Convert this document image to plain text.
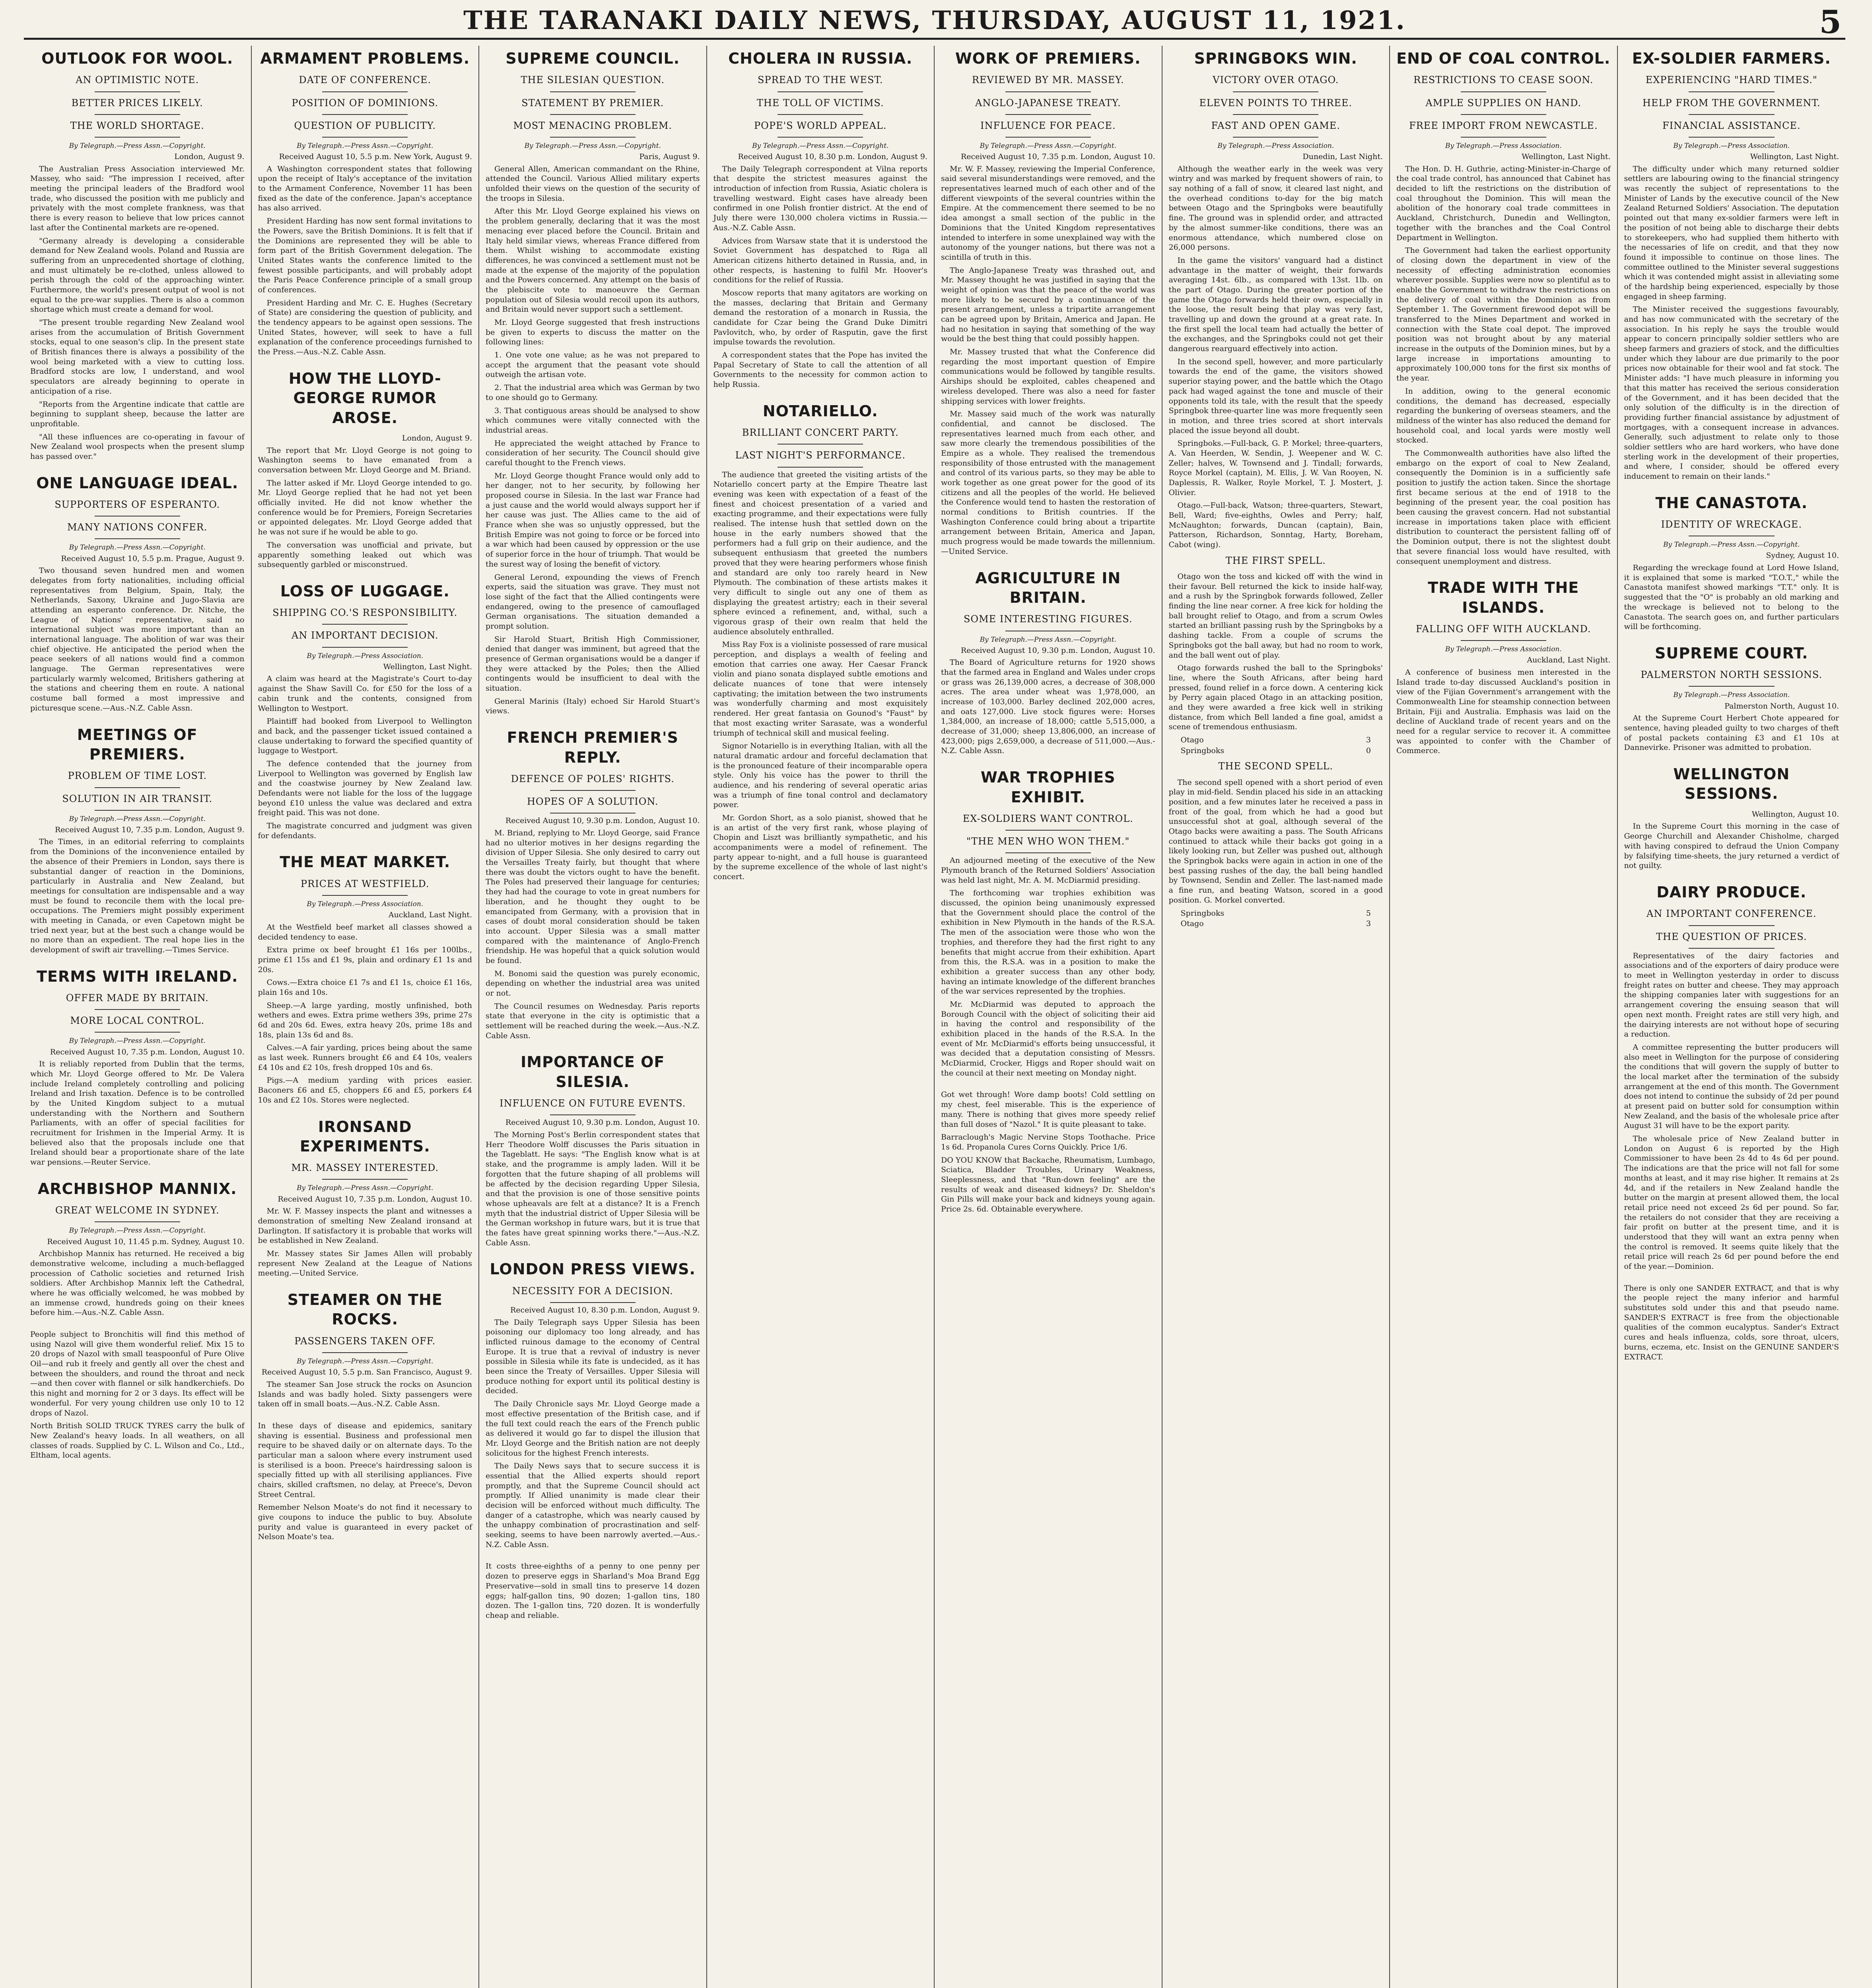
THE TARANAKI DAILY NEWS, THURSDAY, AUGUST 11, 1921.	5
OUTLOOK FOR WOOL.
AN OPTIMISTIC NOTE.
BETTER PRICES LIKELY.
THE WORLD SHORTAGE.
By Telegraph.—Press Assn.—Copyright.
London, August 9.

The Australian Press Association interviewed Mr. Massey, who said: "The impression I received, after meeting the principal leaders of the Bradford wool trade, who discussed the position with me publicly and privately with the most complete frankness, was that there is every reason to believe that low prices cannot last after the Continental markets are re-opened.

"Germany already is developing a considerable demand for New Zealand wools. Poland and Russia are suffering from an unprecedented shortage of clothing, and must ultimately be re-clothed, unless allowed to perish through the cold of the approaching winter. Furthermore, the world's present output of wool is not equal to the pre-war supplies. There is also a common shortage which must create a demand for wool.

"The present trouble regarding New Zealand wool arises from the accumulation of British Government stocks, equal to one season's clip. In the present state of British finances there is always a possibility of the wool being marketed with a view to cutting loss. Bradford stocks are low, I understand, and wool speculators are already beginning to operate in anticipation of a rise.

"Reports from the Argentine indicate that cattle are beginning to supplant sheep, because the latter are unprofitable.

"All these influences are co-operating in favour of New Zealand wool prospects when the present slump has passed over."

ONE LANGUAGE IDEAL.
SUPPORTERS OF ESPERANTO.
MANY NATIONS CONFER.
By Telegraph.—Press Assn.—Copyright.
Received August 10, 5.5 p.m. Prague, August 9.

Two thousand seven hundred men and women delegates from forty nationalities, including official representatives from Belgium, Spain, Italy, the Netherlands, Saxony, Ukraine and Jugo-Slavia are attending an esperanto conference. Dr. Nitche, the League of Nations' representative, said no international subject was more important than an international language. The abolition of war was their chief objective. He anticipated the period when the peace seekers of all nations would find a common language. The German representatives were particularly warmly welcomed, Britishers gathering at the stations and cheering them en route. A national costume ball formed a most impressive and picturesque scene.—Aus.-N.Z. Cable Assn.

MEETINGS OF PREMIERS.
PROBLEM OF TIME LOST.
SOLUTION IN AIR TRANSIT.
By Telegraph.—Press Assn.—Copyright.
Received August 10, 7.35 p.m. London, August 9.

The Times, in an editorial referring to complaints from the Dominions of the inconvenience entailed by the absence of their Premiers in London, says there is substantial danger of reaction in the Dominions, particularly in Australia and New Zealand, but meetings for consultation are indispensable and a way must be found to reconcile them with the local pre-occupations. The Premiers might possibly experiment with meeting in Canada, or even Capetown might be tried next year, but at the best such a change would be no more than an expedient. The real hope lies in the development of swift air travelling.—Times Service.

TERMS WITH IRELAND.
OFFER MADE BY BRITAIN.
MORE LOCAL CONTROL.
By Telegraph.—Press Assn.—Copyright.
Received August 10, 7.35 p.m. London, August 10.

It is reliably reported from Dublin that the terms, which Mr. Lloyd George offered to Mr. De Valera include Ireland completely controlling and policing Ireland and Irish taxation. Defence is to be controlled by the United Kingdom subject to a mutual understanding with the Northern and Southern Parliaments, with an offer of special facilities for recruitment for Irishmen in the Imperial Army. It is believed also that the proposals include one that Ireland should bear a proportionate share of the late war pensions.—Reuter Service.

ARCHBISHOP MANNIX.
GREAT WELCOME IN SYDNEY.
By Telegraph.—Press Assn.—Copyright.
Received August 10, 11.45 p.m. Sydney, August 10.

Archbishop Mannix has returned. He received a big demonstrative welcome, including a much-beflagged procession of Catholic societies and returned Irish soldiers. After Archbishop Mannix left the Cathedral, where he was officially welcomed, he was mobbed by an immense crowd, hundreds going on their knees before him.—Aus.-N.Z. Cable Assn.

People subject to Bronchitis will find this method of using Nazol will give them wonderful relief. Mix 15 to 20 drops of Nazol with small teaspoonful of Pure Olive Oil—and rub it freely and gently all over the chest and between the shoulders, and round the throat and neck—and then cover with flannel or silk handkerchiefs. Do this night and morning for 2 or 3 days. Its effect will be wonderful. For very young children use only 10 to 12 drops of Nazol.

North British SOLID TRUCK TYRES carry the bulk of New Zealand's heavy loads. In all weathers, on all classes of roads. Supplied by C. L. Wilson and Co., Ltd., Eltham, local agents.

ARMAMENT PROBLEMS.
DATE OF CONFERENCE.
POSITION OF DOMINIONS.
QUESTION OF PUBLICITY.
By Telegraph.—Press Assn.—Copyright.
Received August 10, 5.5 p.m. New York, August 9.

A Washington correspondent states that following upon the receipt of Italy's acceptance of the invitation to the Armament Conference, November 11 has been fixed as the date of the conference. Japan's acceptance has also arrived.

President Harding has now sent formal invitations to the Powers, save the British Dominions. It is felt that if the Dominions are represented they will be able to form part of the British Government delegation. The United States wants the conference limited to the fewest possible participants, and will probably adopt the Paris Peace Conference principle of a small group of conferences.

President Harding and Mr. C. E. Hughes (Secretary of State) are considering the question of publicity, and the tendency appears to be against open sessions. The United States, however, will seek to have a full explanation of the conference proceedings furnished to the Press.—Aus.-N.Z. Cable Assn.

HOW THE LLOYD-GEORGE RUMOR AROSE.
London, August 9.

The report that Mr. Lloyd George is not going to Washington seems to have emanated from a conversation between Mr. Lloyd George and M. Briand.

The latter asked if Mr. Lloyd George intended to go. Mr. Lloyd George replied that he had not yet been officially invited. He did not know whether the conference would be for Premiers, Foreign Secretaries or appointed delegates. Mr. Lloyd George added that he was not sure if he would be able to go.

The conversation was unofficial and private, but apparently something leaked out which was subsequently garbled or misconstrued.

LOSS OF LUGGAGE.
SHIPPING CO.'S RESPONSIBILITY.
AN IMPORTANT DECISION.
By Telegraph.—Press Association.
Wellington, Last Night.

A claim was heard at the Magistrate's Court to-day against the Shaw Savill Co. for £50 for the loss of a cabin trunk and the contents, consigned from Wellington to Westport.

Plaintiff had booked from Liverpool to Wellington and back, and the passenger ticket issued contained a clause undertaking to forward the specified quantity of luggage to Westport.

The defence contended that the journey from Liverpool to Wellington was governed by English law and the coastwise journey by New Zealand law. Defendants were not liable for the loss of the luggage beyond £10 unless the value was declared and extra freight paid. This was not done.

The magistrate concurred and judgment was given for defendants.

THE MEAT MARKET.
PRICES AT WESTFIELD.
By Telegraph.—Press Association.
Auckland, Last Night.

At the Westfield beef market all classes showed a decided tendency to ease.

Extra prime ox beef brought £1 16s per 100lbs., prime £1 15s and £1 9s, plain and ordinary £1 1s and 20s.

Cows.—Extra choice £1 7s and £1 1s, choice £1 16s, plain 16s and 10s.

Sheep.—A large yarding, mostly unfinished, both wethers and ewes. Extra prime wethers 39s, prime 27s 6d and 20s 6d. Ewes, extra heavy 20s, prime 18s and 18s, plain 13s 6d and 8s.

Calves.—A fair yarding, prices being about the same as last week. Runners brought £6 and £4 10s, vealers £4 10s and £2 10s, fresh dropped 10s and 6s.

Pigs.—A medium yarding with prices easier. Baconers £6 and £5, choppers £6 and £5, porkers £4 10s and £2 10s. Stores were neglected.

IRONSAND EXPERIMENTS.
MR. MASSEY INTERESTED.
By Telegraph.—Press Assn.—Copyright.
Received August 10, 7.35 p.m. London, August 10.

Mr. W. F. Massey inspects the plant and witnesses a demonstration of smelting New Zealand ironsand at Darlington. If satisfactory it is probable that works will be established in New Zealand.

Mr. Massey states Sir James Allen will probably represent New Zealand at the League of Nations meeting.—United Service.

STEAMER ON THE ROCKS.
PASSENGERS TAKEN OFF.
By Telegraph.—Press Assn.—Copyright.
Received August 10, 5.5 p.m. San Francisco, August 9.

The steamer San Jose struck the rocks on Asuncion Islands and was badly holed. Sixty passengers were taken off in small boats.—Aus.-N.Z. Cable Assn.

In these days of disease and epidemics, sanitary shaving is essential. Business and professional men require to be shaved daily or on alternate days. To the particular man a saloon where every instrument used is sterilised is a boon. Preece's hairdressing saloon is specially fitted up with all sterilising appliances. Five chairs, skilled craftsmen, no delay, at Preece's, Devon Street Central.

Remember Nelson Moate's do not find it necessary to give coupons to induce the public to buy. Absolute purity and value is guaranteed in every packet of Nelson Moate's tea.

SUPREME COUNCIL.
THE SILESIAN QUESTION.
STATEMENT BY PREMIER.
MOST MENACING PROBLEM.
By Telegraph.—Press Assn.—Copyright.
Paris, August 9.

General Allen, American commandant on the Rhine, attended the Council. Various Allied military experts unfolded their views on the question of the security of the troops in Silesia.

After this Mr. Lloyd George explained his views on the problem generally, declaring that it was the most menacing ever placed before the Council. Britain and Italy held similar views, whereas France differed from them. Whilst wishing to accommodate existing differences, he was convinced a settlement must not be made at the expense of the majority of the population and the Powers concerned. Any attempt on the basis of the plebiscite vote to manoeuvre the German population out of Silesia would recoil upon its authors, and Britain would never support such a settlement.

Mr. Lloyd George suggested that fresh instructions be given to experts to discuss the matter on the following lines:

1. One vote one value; as he was not prepared to accept the argument that the peasant vote should outweigh the artisan vote.

2. That the industrial area which was German by two to one should go to Germany.

3. That contiguous areas should be analysed to show which communes were vitally connected with the industrial areas.

He appreciated the weight attached by France to consideration of her security. The Council should give careful thought to the French views.

Mr. Lloyd George thought France would only add to her danger, not to her security, by following her proposed course in Silesia. In the last war France had a just cause and the world would always support her if her cause was just. The Allies came to the aid of France when she was so unjustly oppressed, but the British Empire was not going to force or be forced into a war which had been caused by oppression or the use of superior force in the hour of triumph. That would be the surest way of losing the benefit of victory.

General Lerond, expounding the views of French experts, said the situation was grave. They must not lose sight of the fact that the Allied contingents were endangered, owing to the presence of camouflaged German organisations. The situation demanded a prompt solution.

Sir Harold Stuart, British High Commissioner, denied that danger was imminent, but agreed that the presence of German organisations would be a danger if they were attacked by the Poles; then the Allied contingents would be insufficient to deal with the situation.

General Marinis (Italy) echoed Sir Harold Stuart's views.

FRENCH PREMIER'S REPLY.
DEFENCE OF POLES' RIGHTS.
HOPES OF A SOLUTION.
Received August 10, 9.30 p.m. London, August 10.

M. Briand, replying to Mr. Lloyd George, said France had no ulterior motives in her designs regarding the division of Upper Silesia. She only desired to carry out the Versailles Treaty fairly, but thought that where there was doubt the victors ought to have the benefit. The Poles had preserved their language for centuries; they had had the courage to vote in great numbers for liberation, and he thought they ought to be emancipated from Germany, with a provision that in cases of doubt moral consideration should be taken into account. Upper Silesia was a small matter compared with the maintenance of Anglo-French friendship. He was hopeful that a quick solution would be found.

M. Bonomi said the question was purely economic, depending on whether the industrial area was united or not.

The Council resumes on Wednesday. Paris reports state that everyone in the city is optimistic that a settlement will be reached during the week.—Aus.-N.Z. Cable Assn.

IMPORTANCE OF SILESIA.
INFLUENCE ON FUTURE EVENTS.
Received August 10, 9.30 p.m. London, August 10.

The Morning Post's Berlin correspondent states that Herr Theodore Wolff discusses the Paris situation in the Tageblatt. He says: "The English know what is at stake, and the programme is amply laden. Will it be forgotten that the future shaping of all problems will be affected by the decision regarding Upper Silesia, and that the provision is one of those sensitive points whose upheavals are felt at a distance? It is a French myth that the industrial district of Upper Silesia will be the German workshop in future wars, but it is true that the fates have great spinning works there."—Aus.-N.Z. Cable Assn.

LONDON PRESS VIEWS.
NECESSITY FOR A DECISION.
Received August 10, 8.30 p.m. London, August 9.

The Daily Telegraph says Upper Silesia has been poisoning our diplomacy too long already, and has inflicted ruinous damage to the economy of Central Europe. It is true that a revival of industry is never possible in Silesia while its fate is undecided, as it has been since the Treaty of Versailles. Upper Silesia will produce nothing for export until its political destiny is decided.

The Daily Chronicle says Mr. Lloyd George made a most effective presentation of the British case, and if the full text could reach the ears of the French public as delivered it would go far to dispel the illusion that Mr. Lloyd George and the British nation are not deeply solicitous for the highest French interests.

The Daily News says that to secure success it is essential that the Allied experts should report promptly, and that the Supreme Council should act promptly. If Allied unanimity is made clear their decision will be enforced without much difficulty. The danger of a catastrophe, which was nearly caused by the unhappy combination of procrastination and self-seeking, seems to have been narrowly averted.—Aus.-N.Z. Cable Assn.

It costs three-eighths of a penny to one penny per dozen to preserve eggs in Sharland's Moa Brand Egg Preservative—sold in small tins to preserve 14 dozen eggs; half-gallon tins, 90 dozen; 1-gallon tins, 180 dozen. The 1-gallon tins, 720 dozen. It is wonderfully cheap and reliable.

CHOLERA IN RUSSIA.
SPREAD TO THE WEST.
THE TOLL OF VICTIMS.
POPE'S WORLD APPEAL.
By Telegraph.—Press Assn.—Copyright.
Received August 10, 8.30 p.m. London, August 9.

The Daily Telegraph correspondent at Vilna reports that despite the strictest measures against the introduction of infection from Russia, Asiatic cholera is travelling westward. Eight cases have already been confirmed in one Polish frontier district. At the end of July there were 130,000 cholera victims in Russia.—Aus.-N.Z. Cable Assn.

Advices from Warsaw state that it is understood the Soviet Government has despatched to Riga all American citizens hitherto detained in Russia, and, in other respects, is hastening to fulfil Mr. Hoover's conditions for the relief of Russia.

Moscow reports that many agitators are working on the masses, declaring that Britain and Germany demand the restoration of a monarch in Russia, the candidate for Czar being the Grand Duke Dimitri Pavlovitch, who, by order of Rasputin, gave the first impulse towards the revolution.

A correspondent states that the Pope has invited the Papal Secretary of State to call the attention of all Governments to the necessity for common action to help Russia.

NOTARIELLO.
BRILLIANT CONCERT PARTY.
LAST NIGHT'S PERFORMANCE.

The audience that greeted the visiting artists of the Notariello concert party at the Empire Theatre last evening was keen with expectation of a feast of the finest and choicest presentation of a varied and exacting programme, and their expectations were fully realised. The intense hush that settled down on the house in the early numbers showed that the performers had a full grip on their audience, and the subsequent enthusiasm that greeted the numbers proved that they were hearing performers whose finish and standard are only too rarely heard in New Plymouth. The combination of these artists makes it very difficult to single out any one of them as displaying the greatest artistry; each in their several sphere evinced a refinement, and, withal, such a vigorous grasp of their own realm that held the audience absolutely enthralled.

Miss Ray Fox is a violiniste possessed of rare musical perception, and displays a wealth of feeling and emotion that carries one away. Her Caesar Franck violin and piano sonata displayed subtle emotions and delicate nuances of tone that were intensely captivating; the imitation between the two instruments was wonderfully charming and most exquisitely rendered. Her great fantasia on Gounod's "Faust" by that most exacting writer Sarasate, was a wonderful triumph of technical skill and musical feeling.

Signor Notariello is in everything Italian, with all the natural dramatic ardour and forceful declamation that is the pronounced feature of their incomparable opera style. Only his voice has the power to thrill the audience, and his rendering of several operatic arias was a triumph of fine tonal control and declamatory power.

Mr. Gordon Short, as a solo pianist, showed that he is an artist of the very first rank, whose playing of Chopin and Liszt was brilliantly sympathetic, and his accompaniments were a model of refinement. The party appear to-night, and a full house is guaranteed by the supreme excellence of the whole of last night's concert.

WORK OF PREMIERS.
REVIEWED BY MR. MASSEY.
ANGLO-JAPANESE TREATY.
INFLUENCE FOR PEACE.
By Telegraph.—Press Assn.—Copyright.
Received August 10, 7.35 p.m. London, August 10.

Mr. W. F. Massey, reviewing the Imperial Conference, said several misunderstandings were removed, and the representatives learned much of each other and of the different viewpoints of the several countries within the Empire. At the commencement there seemed to be no idea amongst a small section of the public in the Dominions that the United Kingdom representatives intended to interfere in some unexplained way with the autonomy of the younger nations, but there was not a scintilla of truth in this.

The Anglo-Japanese Treaty was thrashed out, and Mr. Massey thought he was justified in saying that the weight of opinion was that the peace of the world was more likely to be secured by a continuance of the present arrangement, unless a tripartite arrangement can be agreed upon by Britain, America and Japan. He had no hesitation in saying that something of the way would be the best thing that could possibly happen.

Mr. Massey trusted that what the Conference did regarding the most important question of Empire communications would be followed by tangible results. Airships should be exploited, cables cheapened and wireless developed. There was also a need for faster shipping services with lower freights.

Mr. Massey said much of the work was naturally confidential, and cannot be disclosed. The representatives learned much from each other, and saw more clearly the tremendous possibilities of the Empire as a whole. They realised the tremendous responsibility of those entrusted with the management and control of its various parts, so they may be able to work together as one great power for the good of its citizens and all the peoples of the world. He believed the Conference would tend to hasten the restoration of normal conditions to British countries. If the Washington Conference could bring about a tripartite arrangement between Britain, America and Japan, much progress would be made towards the millennium.—United Service.

AGRICULTURE IN BRITAIN.
SOME INTERESTING FIGURES.
By Telegraph.—Press Assn.—Copyright.
Received August 10, 9.30 p.m. London, August 10.

The Board of Agriculture returns for 1920 shows that the farmed area in England and Wales under crops or grass was 26,139,000 acres, a decrease of 308,000 acres. The area under wheat was 1,978,000, an increase of 103,000. Barley declined 202,000 acres, and oats 127,000. Live stock figures were: Horses 1,384,000, an increase of 18,000; cattle 5,515,000, a decrease of 31,000; sheep 13,806,000, an increase of 423,000; pigs 2,659,000, a decrease of 511,000.—Aus.-N.Z. Cable Assn.

WAR TROPHIES EXHIBIT.
EX-SOLDIERS WANT CONTROL.
"THE MEN WHO WON THEM."

An adjourned meeting of the executive of the New Plymouth branch of the Returned Soldiers' Association was held last night, Mr. A. M. McDiarmid presiding.

The forthcoming war trophies exhibition was discussed, the opinion being unanimously expressed that the Government should place the control of the exhibition in New Plymouth in the hands of the R.S.A. The men of the association were those who won the trophies, and therefore they had the first right to any benefits that might accrue from their exhibition. Apart from this, the R.S.A. was in a position to make the exhibition a greater success than any other body, having an intimate knowledge of the different branches of the war services represented by the trophies.

Mr. McDiarmid was deputed to approach the Borough Council with the object of soliciting their aid in having the control and responsibility of the exhibition placed in the hands of the R.S.A. In the event of Mr. McDiarmid's efforts being unsuccessful, it was decided that a deputation consisting of Messrs. McDiarmid, Crocker, Higgs and Roper should wait on the council at their next meeting on Monday night.

Got wet through! Wore damp boots! Cold settling on my chest, feel miserable. This is the experience of many. There is nothing that gives more speedy relief than full doses of "Nazol." It is quite pleasant to take.

Barraclough's Magic Nervine Stops Toothache. Price 1s 6d. Propanola Cures Corns Quickly. Price 1/6.

DO YOU KNOW that Backache, Rheumatism, Lumbago, Sciatica, Bladder Troubles, Urinary Weakness, Sleeplessness, and that "Run-down feeling" are the results of weak and diseased kidneys? Dr. Sheldon's Gin Pills will make your back and kidneys young again. Price 2s. 6d. Obtainable everywhere.

SPRINGBOKS WIN.
VICTORY OVER OTAGO.
ELEVEN POINTS TO THREE.
FAST AND OPEN GAME.
By Telegraph.—Press Association.
Dunedin, Last Night.

Although the weather early in the week was very wintry and was marked by frequent showers of rain, to say nothing of a fall of snow, it cleared last night, and the overhead conditions to-day for the big match between Otago and the Springboks were beautifully fine. The ground was in splendid order, and attracted by the almost summer-like conditions, there was an enormous attendance, which numbered close on 26,000 persons.

In the game the visitors' vanguard had a distinct advantage in the matter of weight, their forwards averaging 14st. 6lb., as compared with 13st. 1lb. on the part of Otago. During the greater portion of the game the Otago forwards held their own, especially in the loose, the result being that play was very fast, travelling up and down the ground at a great rate. In the first spell the local team had actually the better of the exchanges, and the Springboks could not get their dangerous rearguard effectively into action.

In the second spell, however, and more particularly towards the end of the game, the visitors showed superior staying power, and the battle which the Otago pack had waged against the tone and muscle of their opponents told its tale, with the result that the speedy Springbok three-quarter line was more frequently seen in motion, and three tries scored at short intervals placed the issue beyond all doubt.

Springboks.—Full-back, G. P. Morkel; three-quarters, A. Van Heerden, W. Sendin, J. Weepener and W. C. Zeller; halves, W. Townsend and J. Tindall; forwards, Royce Morkel (captain), M. Ellis, J. W. Van Rooyen, N. Daplessis, R. Walker, Royle Morkel, T. J. Mostert, J. Olivier.

Otago.—Full-back, Watson; three-quarters, Stewart, Bell, Ward; five-eighths, Owles and Perry; half, McNaughton; forwards, Duncan (captain), Bain, Patterson, Richardson, Sonntag, Harty, Boreham, Cabot (wing).

THE FIRST SPELL.

Otago won the toss and kicked off with the wind in their favour. Bell returned the kick to inside half-way, and a rush by the Springbok forwards followed, Zeller finding the line near corner. A free kick for holding the ball brought relief to Otago, and from a scrum Owles started an brilliant passing rush by the Springboks by a dashing tackle. From a couple of scrums the Springboks got the ball away, but had no room to work, and the ball went out of play.

Otago forwards rushed the ball to the Springboks' line, where the South Africans, after being hard pressed, found relief in a force down. A centering kick by Perry again placed Otago in an attacking position, and they were awarded a free kick well in striking distance, from which Bell landed a fine goal, amidst a scene of tremendous enthusiasm.

Otago	3
Springboks	0
THE SECOND SPELL.

The second spell opened with a short period of even play in mid-field. Sendin placed his side in an attacking position, and a few minutes later he received a pass in front of the goal, from which he had a good but unsuccessful shot at goal, although several of the Otago backs were awaiting a pass. The South Africans continued to attack while their backs got going in a likely looking run, but Zeller was pushed out, although the Springbok backs were again in action in one of the best passing rushes of the day, the ball being handled by Townsend, Sendin and Zeller. The last-named made a fine run, and beating Watson, scored in a good position. G. Morkel converted.

Springboks	5
Otago	3
END OF COAL CONTROL.
RESTRICTIONS TO CEASE SOON.
AMPLE SUPPLIES ON HAND.
FREE IMPORT FROM NEWCASTLE.
By Telegraph.—Press Association.
Wellington, Last Night.

The Hon. D. H. Guthrie, acting-Minister-in-Charge of the coal trade control, has announced that Cabinet has decided to lift the restrictions on the distribution of coal throughout the Dominion. This will mean the abolition of the honorary coal trade committees in Auckland, Christchurch, Dunedin and Wellington, together with the branches and the Coal Control Department in Wellington.

The Government had taken the earliest opportunity of closing down the department in view of the necessity of effecting administration economies wherever possible. Supplies were now so plentiful as to enable the Government to withdraw the restrictions on the delivery of coal within the Dominion as from September 1. The Government firewood depot will be transferred to the Mines Department and worked in connection with the State coal depot. The improved position was not brought about by any material increase in the outputs of the Dominion mines, but by a large increase in importations amounting to approximately 100,000 tons for the first six months of the year.

In addition, owing to the general economic conditions, the demand has decreased, especially regarding the bunkering of overseas steamers, and the mildness of the winter has also reduced the demand for household coal, and local yards were mostly well stocked.

The Commonwealth authorities have also lifted the embargo on the export of coal to New Zealand, consequently the Dominion is in a sufficiently safe position to justify the action taken. Since the shortage first became serious at the end of 1918 to the beginning of the present year, the coal position has been causing the gravest concern. Had not substantial increase in importations taken place with efficient distribution to counteract the persistent falling off of the Dominion output, there is not the slightest doubt that severe financial loss would have resulted, with consequent unemployment and distress.

TRADE WITH THE ISLANDS.
FALLING OFF WITH AUCKLAND.
By Telegraph.—Press Association.
Auckland, Last Night.

A conference of business men interested in the Island trade to-day discussed Auckland's position in view of the Fijian Government's arrangement with the Commonwealth Line for steamship connection between Britain, Fiji and Australia. Emphasis was laid on the decline of Auckland trade of recent years and on the need for a regular service to recover it. A committee was appointed to confer with the Chamber of Commerce.

EX-SOLDIER FARMERS.
EXPERIENCING "HARD TIMES."
HELP FROM THE GOVERNMENT.
FINANCIAL ASSISTANCE.
By Telegraph.—Press Association.
Wellington, Last Night.

The difficulty under which many returned soldier settlers are labouring owing to the financial stringency was recently the subject of representations to the Minister of Lands by the executive council of the New Zealand Returned Soldiers' Association. The deputation pointed out that many ex-soldier farmers were left in the position of not being able to discharge their debts to storekeepers, who had supplied them hitherto with the necessaries of life on credit, and that they now found it impossible to continue on those lines. The committee outlined to the Minister several suggestions which it was contended might assist in alleviating some of the hardship being experienced, especially by those engaged in sheep farming.

The Minister received the suggestions favourably, and has now communicated with the secretary of the association. In his reply he says the trouble would appear to concern principally soldier settlers who are sheep farmers and graziers of stock, and the difficulties under which they labour are due primarily to the poor prices now obtainable for their wool and fat stock. The Minister adds: "I have much pleasure in informing you that this matter has received the serious consideration of the Government, and it has been decided that the only solution of the difficulty is in the direction of providing further financial assistance by adjustment of mortgages, with a consequent increase in advances. Generally, such adjustment to relate only to those soldier settlers who are hard workers, who have done sterling work in the development of their properties, and where, I consider, should be offered every inducement to remain on their lands."

THE CANASTOTA.
IDENTITY OF WRECKAGE.
By Telegraph.—Press Assn.—Copyright.
Sydney, August 10.

Regarding the wreckage found at Lord Howe Island, it is explained that some is marked "T.O.T.," while the Canastota manifest showed markings "T.T." only. It is suggested that the "O" is probably an old marking and the wreckage is believed not to belong to the Canastota. The search goes on, and further particulars will be forthcoming.

SUPREME COURT.
PALMERSTON NORTH SESSIONS.
By Telegraph.—Press Association.
Palmerston North, August 10.

At the Supreme Court Herbert Chote appeared for sentence, having pleaded guilty to two charges of theft of postal packets containing £3 and £1 10s at Dannevirke. Prisoner was admitted to probation.

WELLINGTON SESSIONS.
Wellington, August 10.

In the Supreme Court this morning in the case of George Churchill and Alexander Chisholme, charged with having conspired to defraud the Union Company by falsifying time-sheets, the jury returned a verdict of not guilty.

DAIRY PRODUCE.
AN IMPORTANT CONFERENCE.
THE QUESTION OF PRICES.

Representatives of the dairy factories and associations and of the exporters of dairy produce were to meet in Wellington yesterday in order to discuss freight rates on butter and cheese. They may approach the shipping companies later with suggestions for an arrangement covering the ensuing season that will open next month. Freight rates are still very high, and the dairying interests are not without hope of securing a reduction.

A committee representing the butter producers will also meet in Wellington for the purpose of considering the conditions that will govern the supply of butter to the local market after the termination of the subsidy arrangement at the end of this month. The Government does not intend to continue the subsidy of 2d per pound at present paid on butter sold for consumption within New Zealand, and the basis of the wholesale price after August 31 will have to be the export parity.

The wholesale price of New Zealand butter in London on August 6 is reported by the High Commissioner to have been 2s 4d to 4s 6d per pound. The indications are that the price will not fall for some months at least, and it may rise higher. It remains at 2s 4d, and if the retailers in New Zealand handle the butter on the margin at present allowed them, the local retail price need not exceed 2s 6d per pound. So far, the retailers do not consider that they are receiving a fair profit on butter at the present time, and it is understood that they will want an extra penny when the control is removed. It seems quite likely that the retail price will reach 2s 6d per pound before the end of the year.—Dominion.

There is only one SANDER EXTRACT, and that is why the people reject the many inferior and harmful substitutes sold under this and that pseudo name. SANDER'S EXTRACT is free from the objectionable qualities of the common eucalyptus. Sander's Extract cures and heals influenza, colds, sore throat, ulcers, burns, eczema, etc. Insist on the GENUINE SANDER'S EXTRACT.
